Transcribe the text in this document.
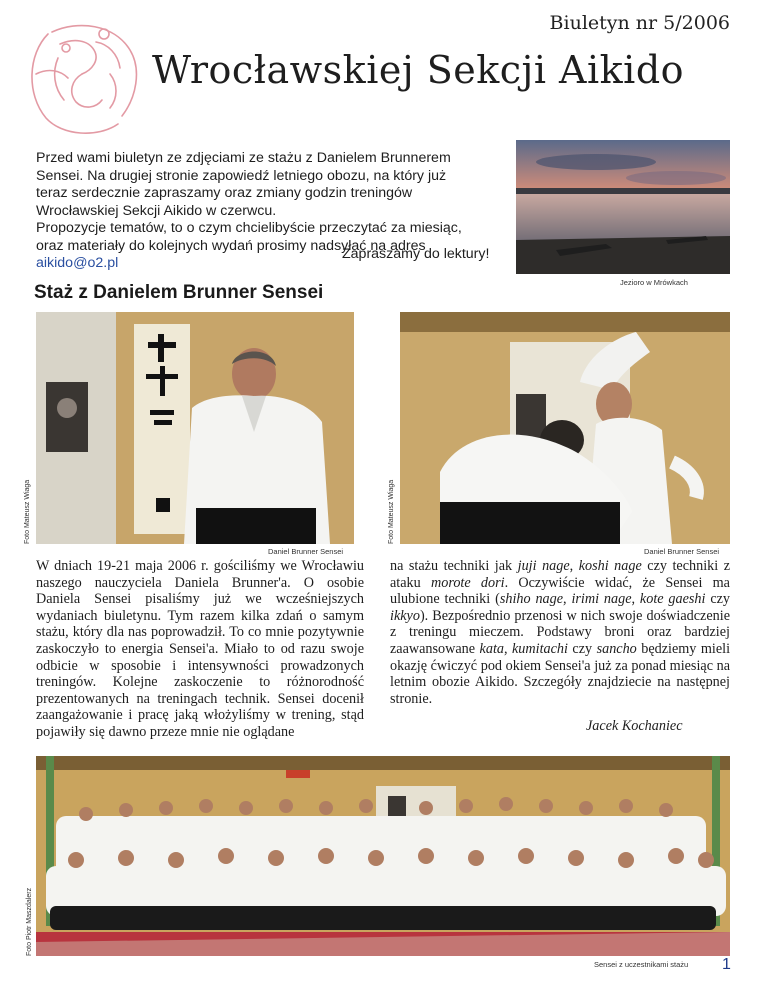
Biuletyn nr 5/2006
Wrocławskiej Sekcji Aikido

Przed wami biuletyn ze zdjęciami ze stażu z Danielem Brunnerem

Sensei. Na drugiej stronie zapowiedź letniego obozu, na który już

teraz serdecznie zapraszamy oraz zmiany godzin treningów

Wrocławskiej Sekcji Aikido w czerwcu.

Propozycje tematów, to o czym chcielibyście przeczytać za miesiąc,

oraz materiały do kolejnych wydań prosimy nadsyłać na adres

aikido@o2.pl

Zapraszamy do lektury!
Jezioro w Mrówkach
Staż z Danielem Brunner Sensei
Foto Mateusz Wiaga
Daniel Brunner Sensei
Foto Mateusz Wiaga
Daniel Brunner Sensei
W dniach 19-21 maja 2006 r. gościliśmy we Wrocławiu naszego nauczyciela Daniela Brunner'a. O osobie Daniela Sensei pisaliśmy już we wcześniejszych wydaniach biuletynu. Tym razem kilka zdań o samym stażu, który dla nas poprowadził. To co mnie pozytywnie zaskoczyło to energia Sensei'a. Miało to od razu swoje odbicie w sposobie i intensywności prowadzonych treningów. Kolejne zaskoczenie to różnorodność prezentowanych na treningach technik. Sensei docenił zaangażowanie i pracę jaką włożyliśmy w trening, stąd pojawiły się dawno przeze mnie nie oglądane
na stażu techniki jak juji nage, koshi nage czy techniki z ataku morote dori. Oczywiście widać, że Sensei ma ulubione techniki (shiho nage, irimi nage, kote gaeshi czy ikkyo). Bezpośrednio przenosi w nich swoje doświadczenie z treningu mieczem. Podstawy broni oraz bardziej zaawansowane kata, kumitachi czy sancho będziemy mieli okazję ćwiczyć pod okiem Sensei'a już za ponad miesiąc na letnim obozie Aikido. Szczegóły znajdziecie na następnej stronie.
Jacek Kochaniec
Foto Piotr Maszdalerz
Sensei z uczestnikami stażu 1
